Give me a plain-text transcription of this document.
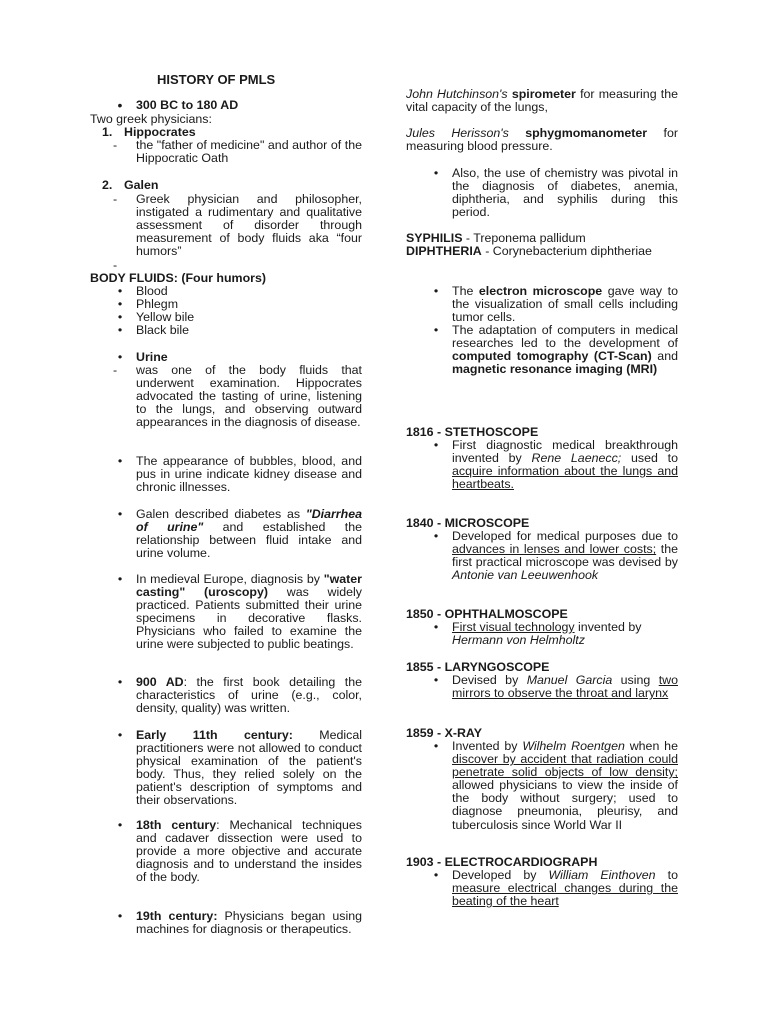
HISTORY OF PMLS

• 300 BC to 180 AD

Two greek physicians:

1. Hippocrates
- the "father of medicine" and author of the Hippocratic Oath
2. Galen
- Greek physician and philosopher, instigated a rudimentary and qualitative assessment of disorder through measurement of body fluids aka “four humors”
-

BODY FLUIDS: (Four humors)

•	Blood
•	Phlegm
•	Yellow bile
•	Black bile
•	Urine
- was one of the body fluids that underwent examination. Hippocrates advocated the tasting of urine, listening to the lungs, and observing outward appearances in the diagnosis of disease.
•	The appearance of bubbles, blood, and pus in urine indicate kidney disease and chronic illnesses.
•	Galen described diabetes as "Diarrhea of urine" and established the relationship between fluid intake and urine volume.
•	In medieval Europe, diagnosis by "water casting" (uroscopy) was widely practiced. Patients submitted their urine specimens in decorative flasks. Physicians who failed to examine the urine were subjected to public beatings.
•	900 AD: the first book detailing the characteristics of urine (e.g., color, density, quality) was written.
•	Early 11th century: Medical practitioners were not allowed to conduct physical examination of the patient's body. Thus, they relied solely on the patient's description of symptoms and their observations.
•	18th century: Mechanical techniques and cadaver dissection were used to provide a more objective and accurate diagnosis and to understand the insides of the body.
•	19th century: Physicians began using machines for diagnosis or therapeutics.

John Hutchinson's spirometer for measuring the vital capacity of the lungs,

Jules Herisson's sphygmomanometer for measuring blood pressure.

•	Also, the use of chemistry was pivotal in the diagnosis of diabetes, anemia, diphtheria, and syphilis during this period.

SYPHILIS - Treponema pallidum

DIPHTHERIA - Corynebacterium diphtheriae

•	The electron microscope gave way to the visualization of small cells including tumor cells.
•	The adaptation of computers in medical researches led to the development of computed tomography (CT-Scan) and magnetic resonance imaging (MRI)

1816 - STETHOSCOPE

•	First diagnostic medical breakthrough invented by Rene Laenecc; used to acquire information about the lungs and heartbeats.

1840 - MICROSCOPE

•	Developed for medical purposes due to advances in lenses and lower costs; the first practical microscope was devised by Antonie van Leeuwenhook

1850 - OPHTHALMOSCOPE

•	First visual technology invented by Hermann von Helmholtz

1855 - LARYNGOSCOPE

•	Devised by Manuel Garcia using two mirrors to observe the throat and larynx

1859 - X-RAY

•	Invented by Wilhelm Roentgen when he discover by accident that radiation could penetrate solid objects of low density; allowed physicians to view the inside of the body without surgery; used to diagnose pneumonia, pleurisy, and tuberculosis since World War II

1903 - ELECTROCARDIOGRAPH

•	Developed by William Einthoven to measure electrical changes during the beating of the heart
